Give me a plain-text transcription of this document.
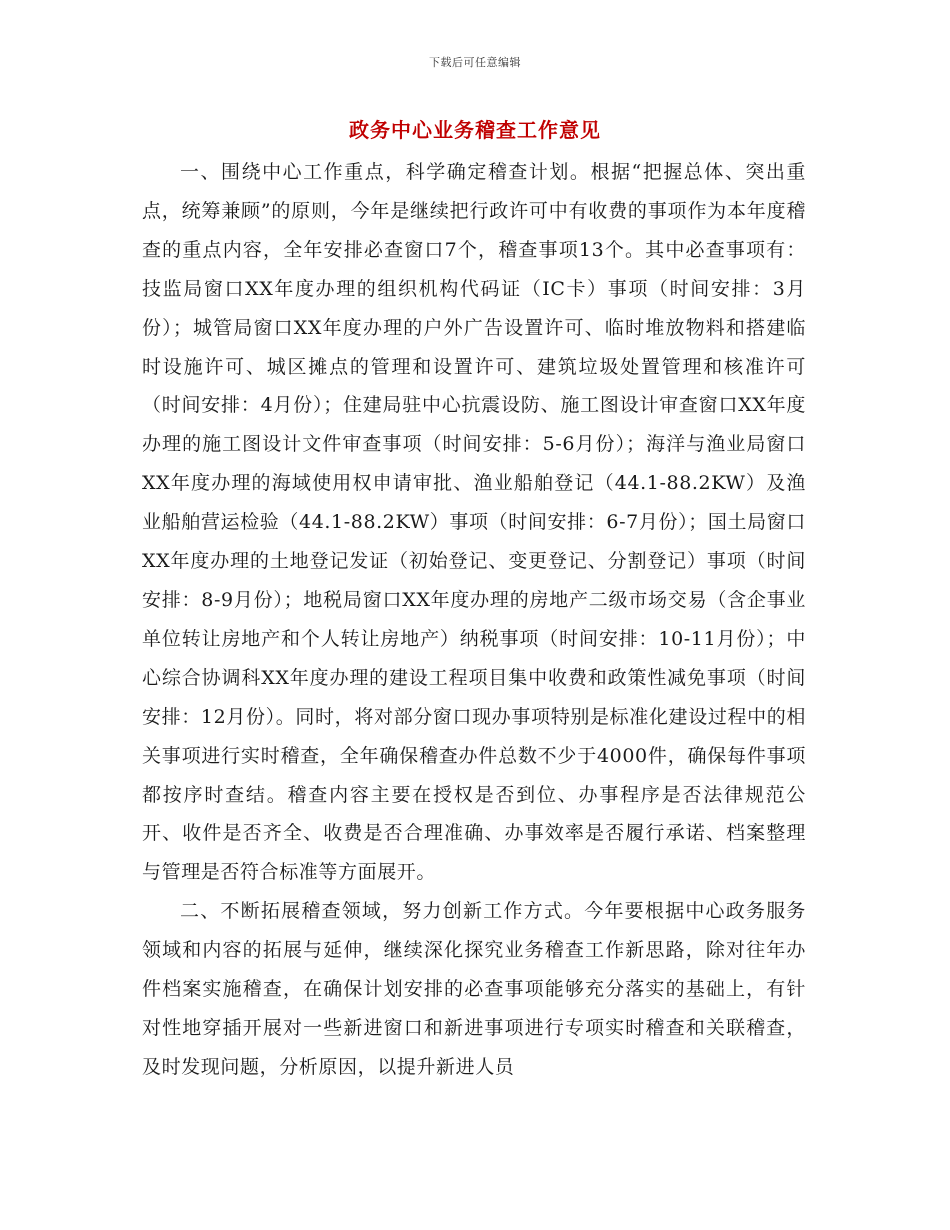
下载后可任意编辑
政务中心业务稽查工作意见

一、围绕中心工作重点，科学确定稽查计划。根据“把握总体、突出重点，统筹兼顾”的原则，今年是继续把行政许可中有收费的事项作为本年度稽查的重点内容，全年安排必查窗口7个，稽查事项13个。其中必查事项有：技监局窗口XX年度办理的组织机构代码证（IC卡）事项（时间安排：3月份）；城管局窗口XX年度办理的户外广告设置许可、临时堆放物料和搭建临时设施许可、城区摊点的管理和设置许可、建筑垃圾处置管理和核准许可（时间安排：4月份）；住建局驻中心抗震设防、施工图设计审查窗口XX年度办理的施工图设计文件审查事项（时间安排：5-6月份）；海洋与渔业局窗口XX年度办理的海域使用权申请审批、渔业船舶登记（44.1-88.2KW）及渔业船舶营运检验（44.1-88.2KW）事项（时间安排：6-7月份）；国土局窗口XX年度办理的土地登记发证（初始登记、变更登记、分割登记）事项（时间安排：8-9月份）；地税局窗口XX年度办理的房地产二级市场交易（含企事业单位转让房地产和个人转让房地产）纳税事项（时间安排：10-11月份）；中心综合协调科XX年度办理的建设工程项目集中收费和政策性减免事项（时间安排：12月份）。同时，将对部分窗口现办事项特别是标准化建设过程中的相关事项进行实时稽查，全年确保稽查办件总数不少于4000件，确保每件事项都按序时查结。稽查内容主要在授权是否到位、办事程序是否法律规范公开、收件是否齐全、收费是否合理准确、办事效率是否履行承诺、档案整理与管理是否符合标准等方面展开。

二、不断拓展稽查领域，努力创新工作方式。今年要根据中心政务服务领域和内容的拓展与延伸，继续深化探究业务稽查工作新思路，除对往年办件档案实施稽查，在确保计划安排的必查事项能够充分落实的基础上，有针对性地穿插开展对一些新进窗口和新进事项进行专项实时稽查和关联稽查，及时发现问题，分析原因，以提升新进人员
